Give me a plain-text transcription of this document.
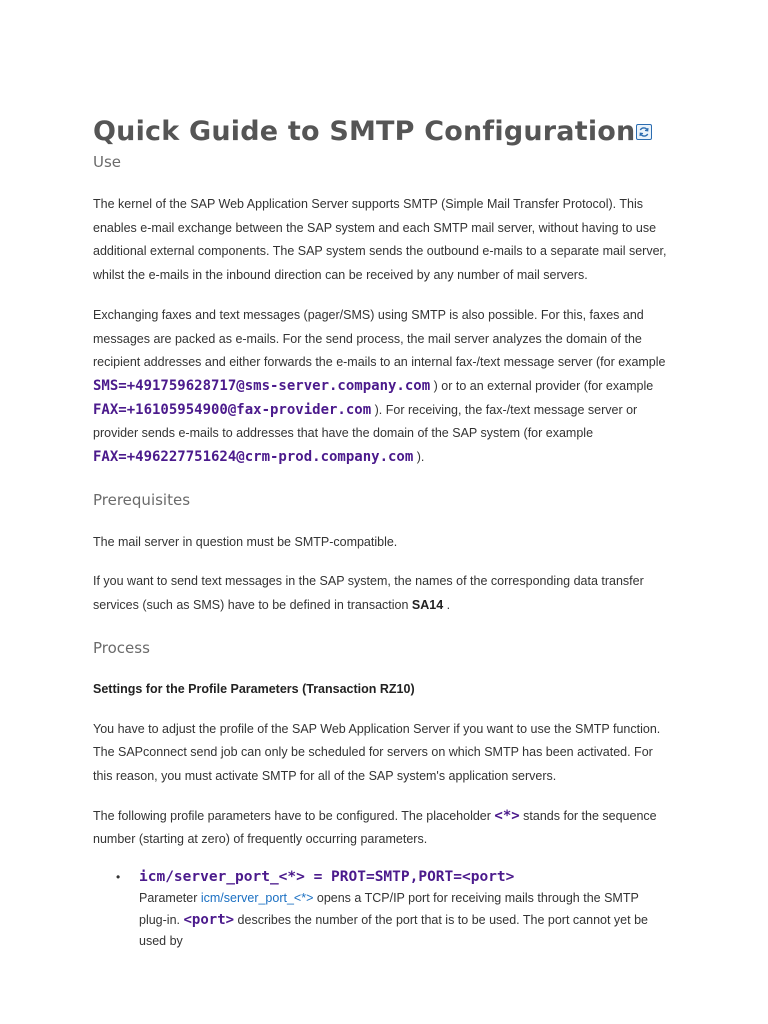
Quick Guide to SMTP Configuration
Use

The kernel of the SAP Web Application Server supports SMTP (Simple Mail Transfer Protocol). This enables e-mail exchange between the SAP system and each SMTP mail server, without having to use additional external components. The SAP system sends the outbound e-mails to a separate mail server, whilst the e-mails in the inbound direction can be received by any number of mail servers.

Exchanging faxes and text messages (pager/SMS) using SMTP is also possible. For this, faxes and messages are packed as e-mails. For the send process, the mail server analyzes the domain of the recipient addresses and either forwards the e-mails to an internal fax-/text message server (for example SMS=+491759628717@sms-server.company.com ) or to an external provider (for example FAX=+16105954900@fax-provider.com ). For receiving, the fax-/text message server or provider sends e-mails to addresses that have the domain of the SAP system (for example FAX=+496227751624@crm-prod.company.com ).

Prerequisites

The mail server in question must be SMTP-compatible.

If you want to send text messages in the SAP system, the names of the corresponding data transfer services (such as SMS) have to be defined in transaction SA14 .

Process
Settings for the Profile Parameters (Transaction RZ10)

You have to adjust the profile of the SAP Web Application Server if you want to use the SMTP function. The SAPconnect send job can only be scheduled for servers on which SMTP has been activated. For this reason, you must activate SMTP for all of the SAP system's application servers.

The following profile parameters have to be configured. The placeholder <*> stands for the sequence number (starting at zero) of frequently occurring parameters.

• icm/server_port_<*> = PROT=SMTP,PORT=<port>
Parameter icm/server_port_<*> opens a TCP/IP port for receiving mails through the SMTP plug-in. <port> describes the number of the port that is to be used. The port cannot yet be used by
